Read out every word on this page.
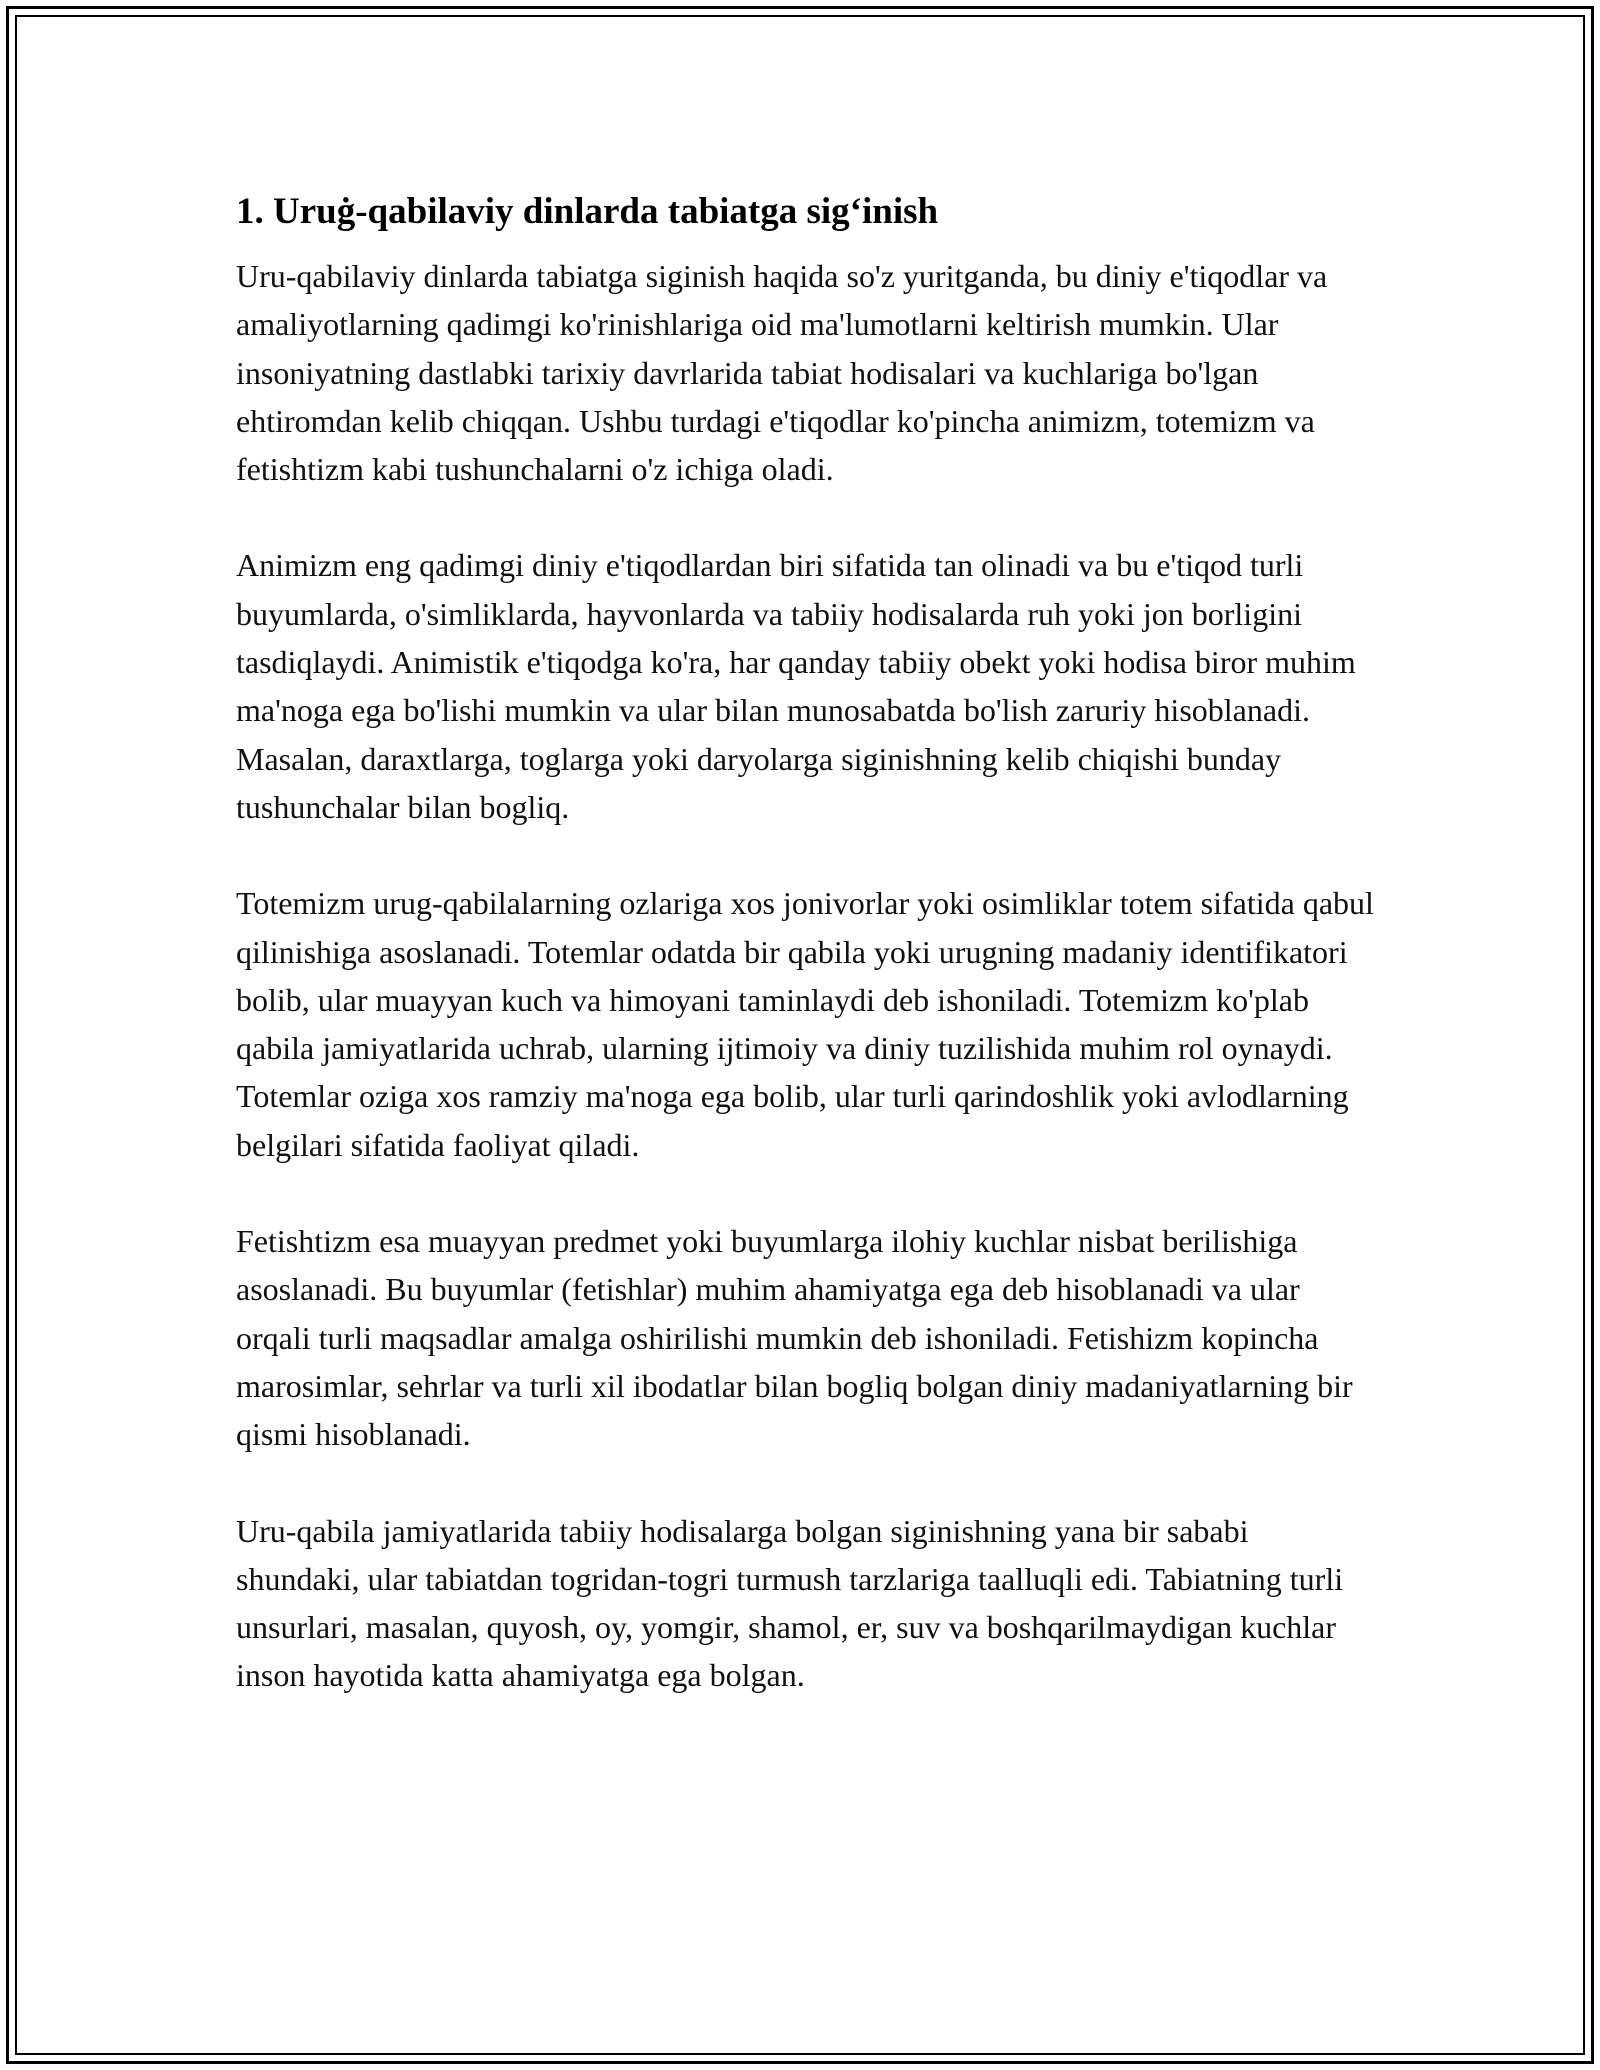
1. Uruġ-qabilaviy dinlarda tabiatga sig‘inish

Uru-qabilaviy dinlarda tabiatga siginish haqida so'z yuritganda, bu diniy e'tiqodlar va amaliyotlarning qadimgi ko'rinishlariga oid ma'lumotlarni keltirish mumkin. Ular insoniyatning dastlabki tarixiy davrlarida tabiat hodisalari va kuchlariga bo'lgan ehtiromdan kelib chiqqan. Ushbu turdagi e'tiqodlar ko'pincha animizm, totemizm va fetishtizm kabi tushunchalarni o'z ichiga oladi.

Animizm eng qadimgi diniy e'tiqodlardan biri sifatida tan olinadi va bu e'tiqod turli buyumlarda, o'simliklarda, hayvonlarda va tabiiy hodisalarda ruh yoki jon borligini tasdiqlaydi. Animistik e'tiqodga ko'ra, har qanday tabiiy obekt yoki hodisa biror muhim ma'noga ega bo'lishi mumkin va ular bilan munosabatda bo'lish zaruriy hisoblanadi. Masalan, daraxtlarga, toglarga yoki daryolarga siginishning kelib chiqishi bunday tushunchalar bilan bogliq.

Totemizm urug-qabilalarning ozlariga xos jonivorlar yoki osimliklar totem sifatida qabul qilinishiga asoslanadi. Totemlar odatda bir qabila yoki urugning madaniy identifikatori bolib, ular muayyan kuch va himoyani taminlaydi deb ishoniladi. Totemizm ko'plab qabila jamiyatlarida uchrab, ularning ijtimoiy va diniy tuzilishida muhim rol oynaydi. Totemlar oziga xos ramziy ma'noga ega bolib, ular turli qarindoshlik yoki avlodlarning belgilari sifatida faoliyat qiladi.

Fetishtizm esa muayyan predmet yoki buyumlarga ilohiy kuchlar nisbat berilishiga asoslanadi. Bu buyumlar (fetishlar) muhim ahamiyatga ega deb hisoblanadi va ular orqali turli maqsadlar amalga oshirilishi mumkin deb ishoniladi. Fetishizm kopincha marosimlar, sehrlar va turli xil ibodatlar bilan bogliq bolgan diniy madaniyatlarning bir qismi hisoblanadi.

Uru-qabila jamiyatlarida tabiiy hodisalarga bolgan siginishning yana bir sababi shundaki, ular tabiatdan togridan-togri turmush tarzlariga taalluqli edi. Tabiatning turli unsurlari, masalan, quyosh, oy, yomgir, shamol, er, suv va boshqarilmaydigan kuchlar inson hayotida katta ahamiyatga ega bolgan.
